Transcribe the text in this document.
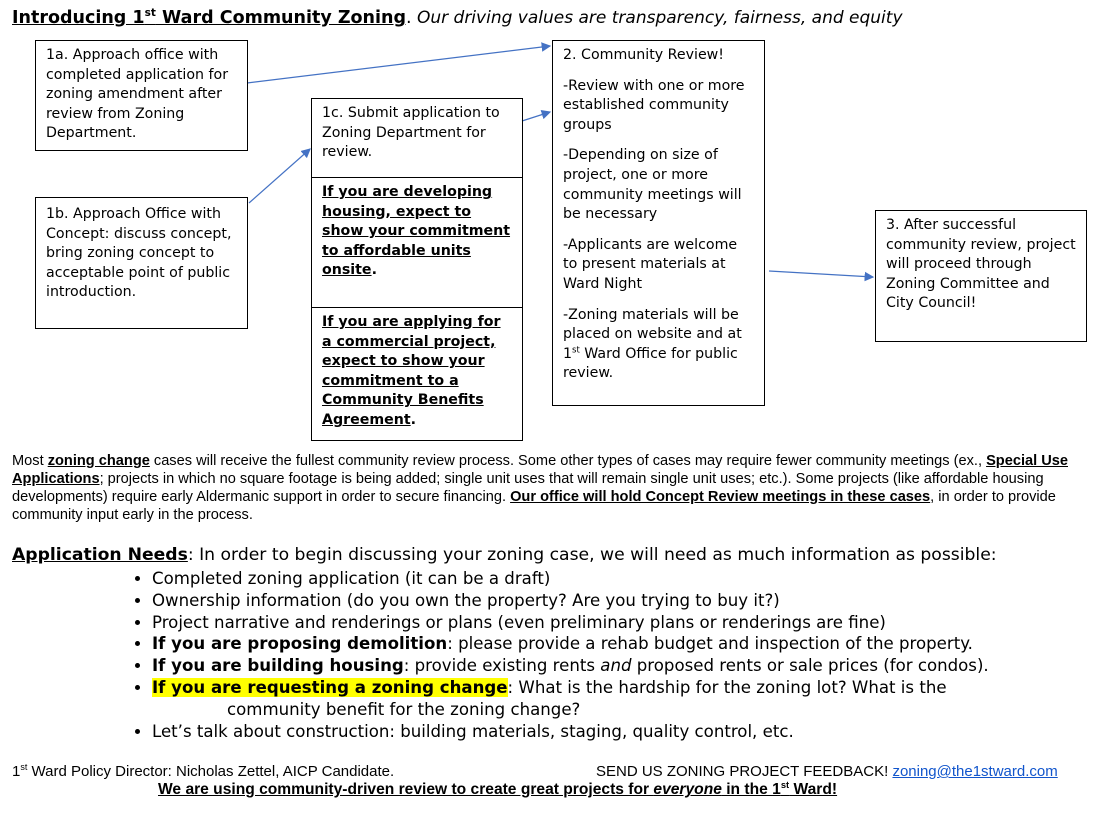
Introducing 1st Ward Community Zoning. Our driving values are transparency, fairness, and equity
1a. Approach office with completed application for zoning amendment after review from Zoning Department.
1b. Approach Office with Concept: discuss concept, bring zoning concept to acceptable point of public introduction.
1c. Submit application to Zoning Department for review.
If you are developing housing, expect to show your commitment to affordable units onsite.
If you are applying for a commercial project, expect to show your commitment to a Community Benefits Agreement.

2. Community Review!

-Review with one or more established community groups

-Depending on size of project, one or more community meetings will be necessary

-Applicants are welcome to present materials at Ward Night

-Zoning materials will be placed on website and at 1st Ward Office for public review.

3. After successful community review, project will proceed through Zoning Committee and City Council!
Most zoning change cases will receive the fullest community review process. Some other types of cases may require fewer community meetings (ex., Special Use Applications; projects in which no square footage is being added; single unit uses that will remain single unit uses; etc.). Some projects (like affordable housing developments) require early Aldermanic support in order to secure financing. Our office will hold Concept Review meetings in these cases, in order to provide community input early in the process.
Application Needs: In order to begin discussing your zoning case, we will need as much information as possible:
• Completed zoning application (it can be a draft)
• Ownership information (do you own the property? Are you trying to buy it?)
• Project narrative and renderings or plans (even preliminary plans or renderings are fine)
• If you are proposing demolition: please provide a rehab budget and inspection of the property.
• If you are building housing: provide existing rents and proposed rents or sale prices (for condos).
• If you are requesting a zoning change: What is the hardship for the zoning lot? What is the
community benefit for the zoning change?
• Let’s talk about construction: building materials, staging, quality control, etc.
1st Ward Policy Director: Nicholas Zettel, AICP Candidate.	SEND US ZONING PROJECT FEEDBACK! zoning@the1stward.com
We are using community-driven review to create great projects for everyone in the 1st Ward!
